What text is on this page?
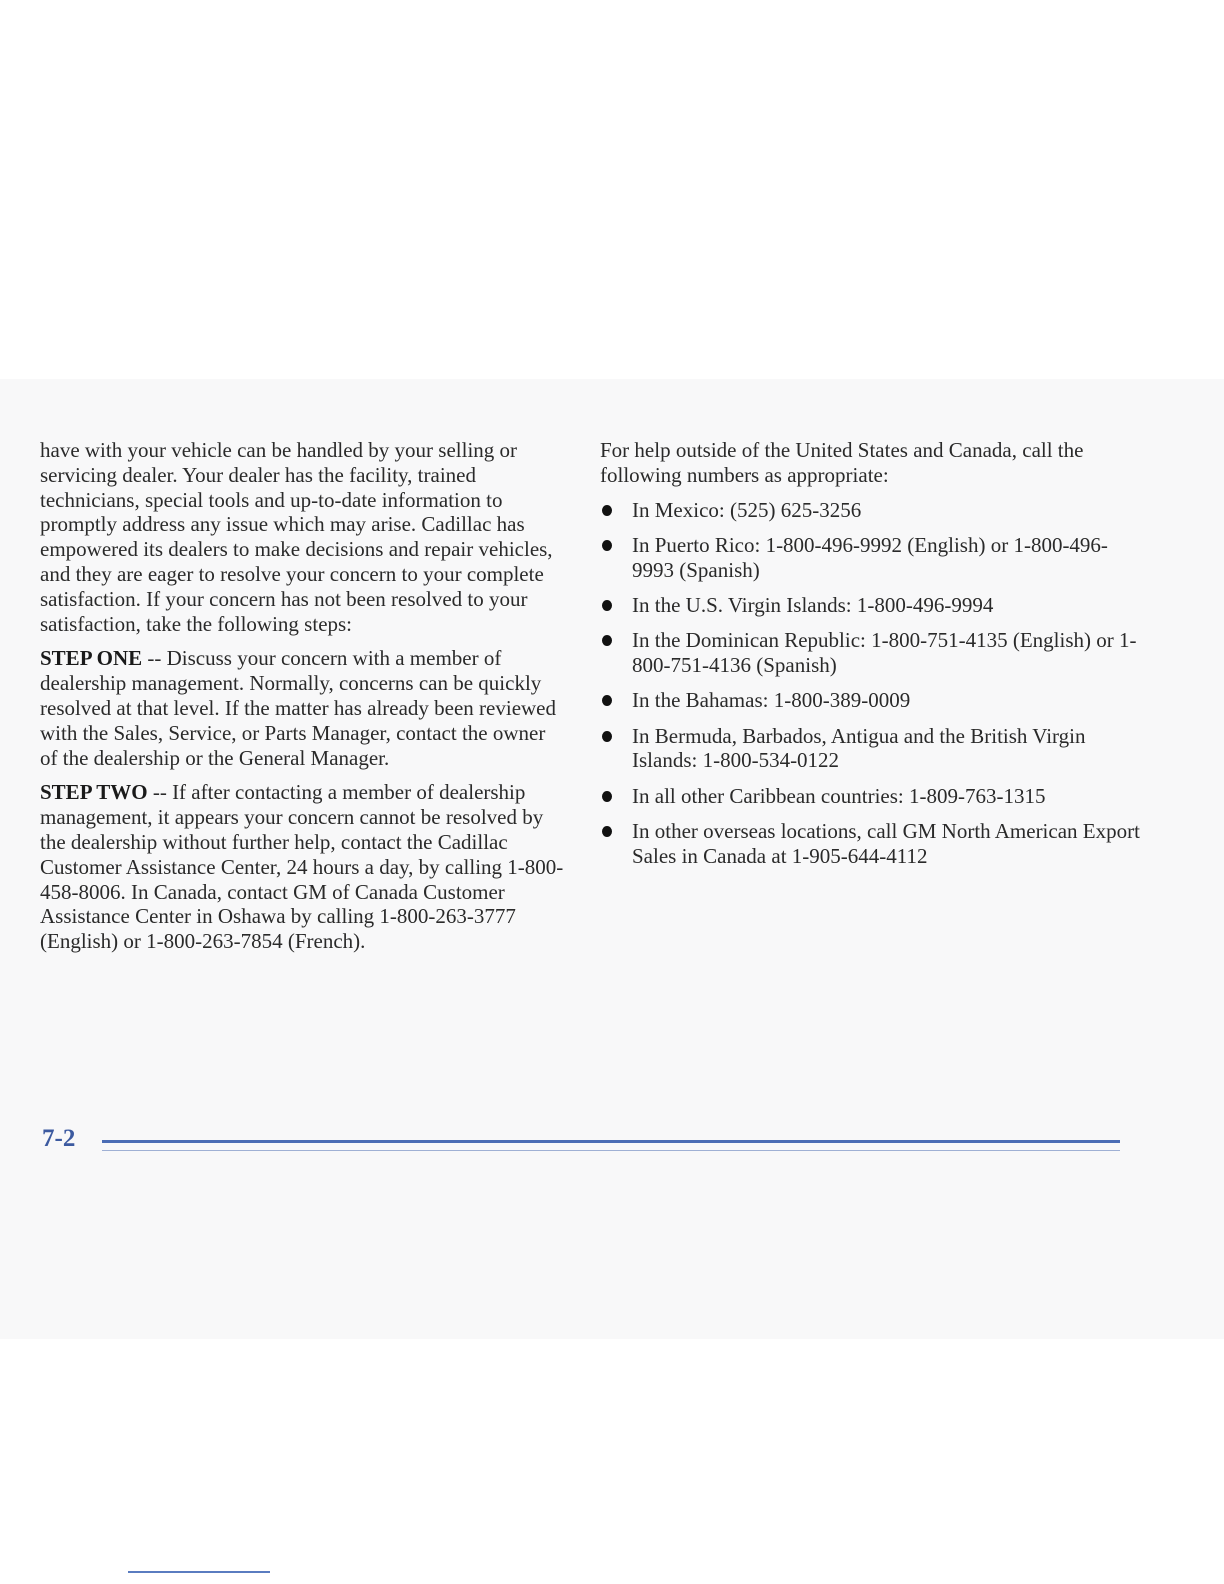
have with your vehicle can be handled by your selling or servicing dealer. Your dealer has the facility, trained technicians, special tools and up-to-date information to promptly address any issue which may arise. Cadillac has empowered its dealers to make decisions and repair vehicles, and they are eager to resolve your concern to your complete satisfaction. If your concern has not been resolved to your satisfaction, take the following steps:

STEP ONE -- Discuss your concern with a member of dealership management. Normally, concerns can be quickly resolved at that level. If the matter has already been reviewed with the Sales, Service, or Parts Manager, contact the owner of the dealership or the General Manager.

STEP TWO -- If after contacting a member of dealership management, it appears your concern cannot be resolved by the dealership without further help, contact the Cadillac Customer Assistance Center, 24 hours a day, by calling 1-800-458-8006. In Canada, contact GM of Canada Customer Assistance Center in Oshawa by calling 1-800-263-3777 (English) or 1-800-263-7854 (French).

For help outside of the United States and Canada, call the following numbers as appropriate:

In Mexico: (525) 625-3256
In Puerto Rico: 1-800-496-9992 (English) or 1-800-496-9993 (Spanish)
In the U.S. Virgin Islands: 1-800-496-9994
In the Dominican Republic: 1-800-751-4135 (English) or 1-800-751-4136 (Spanish)
In the Bahamas: 1-800-389-0009
In Bermuda, Barbados, Antigua and the British Virgin Islands: 1-800-534-0122
In all other Caribbean countries: 1-809-763-1315
In other overseas locations, call GM North American Export Sales in Canada at 1-905-644-4112
7-2
